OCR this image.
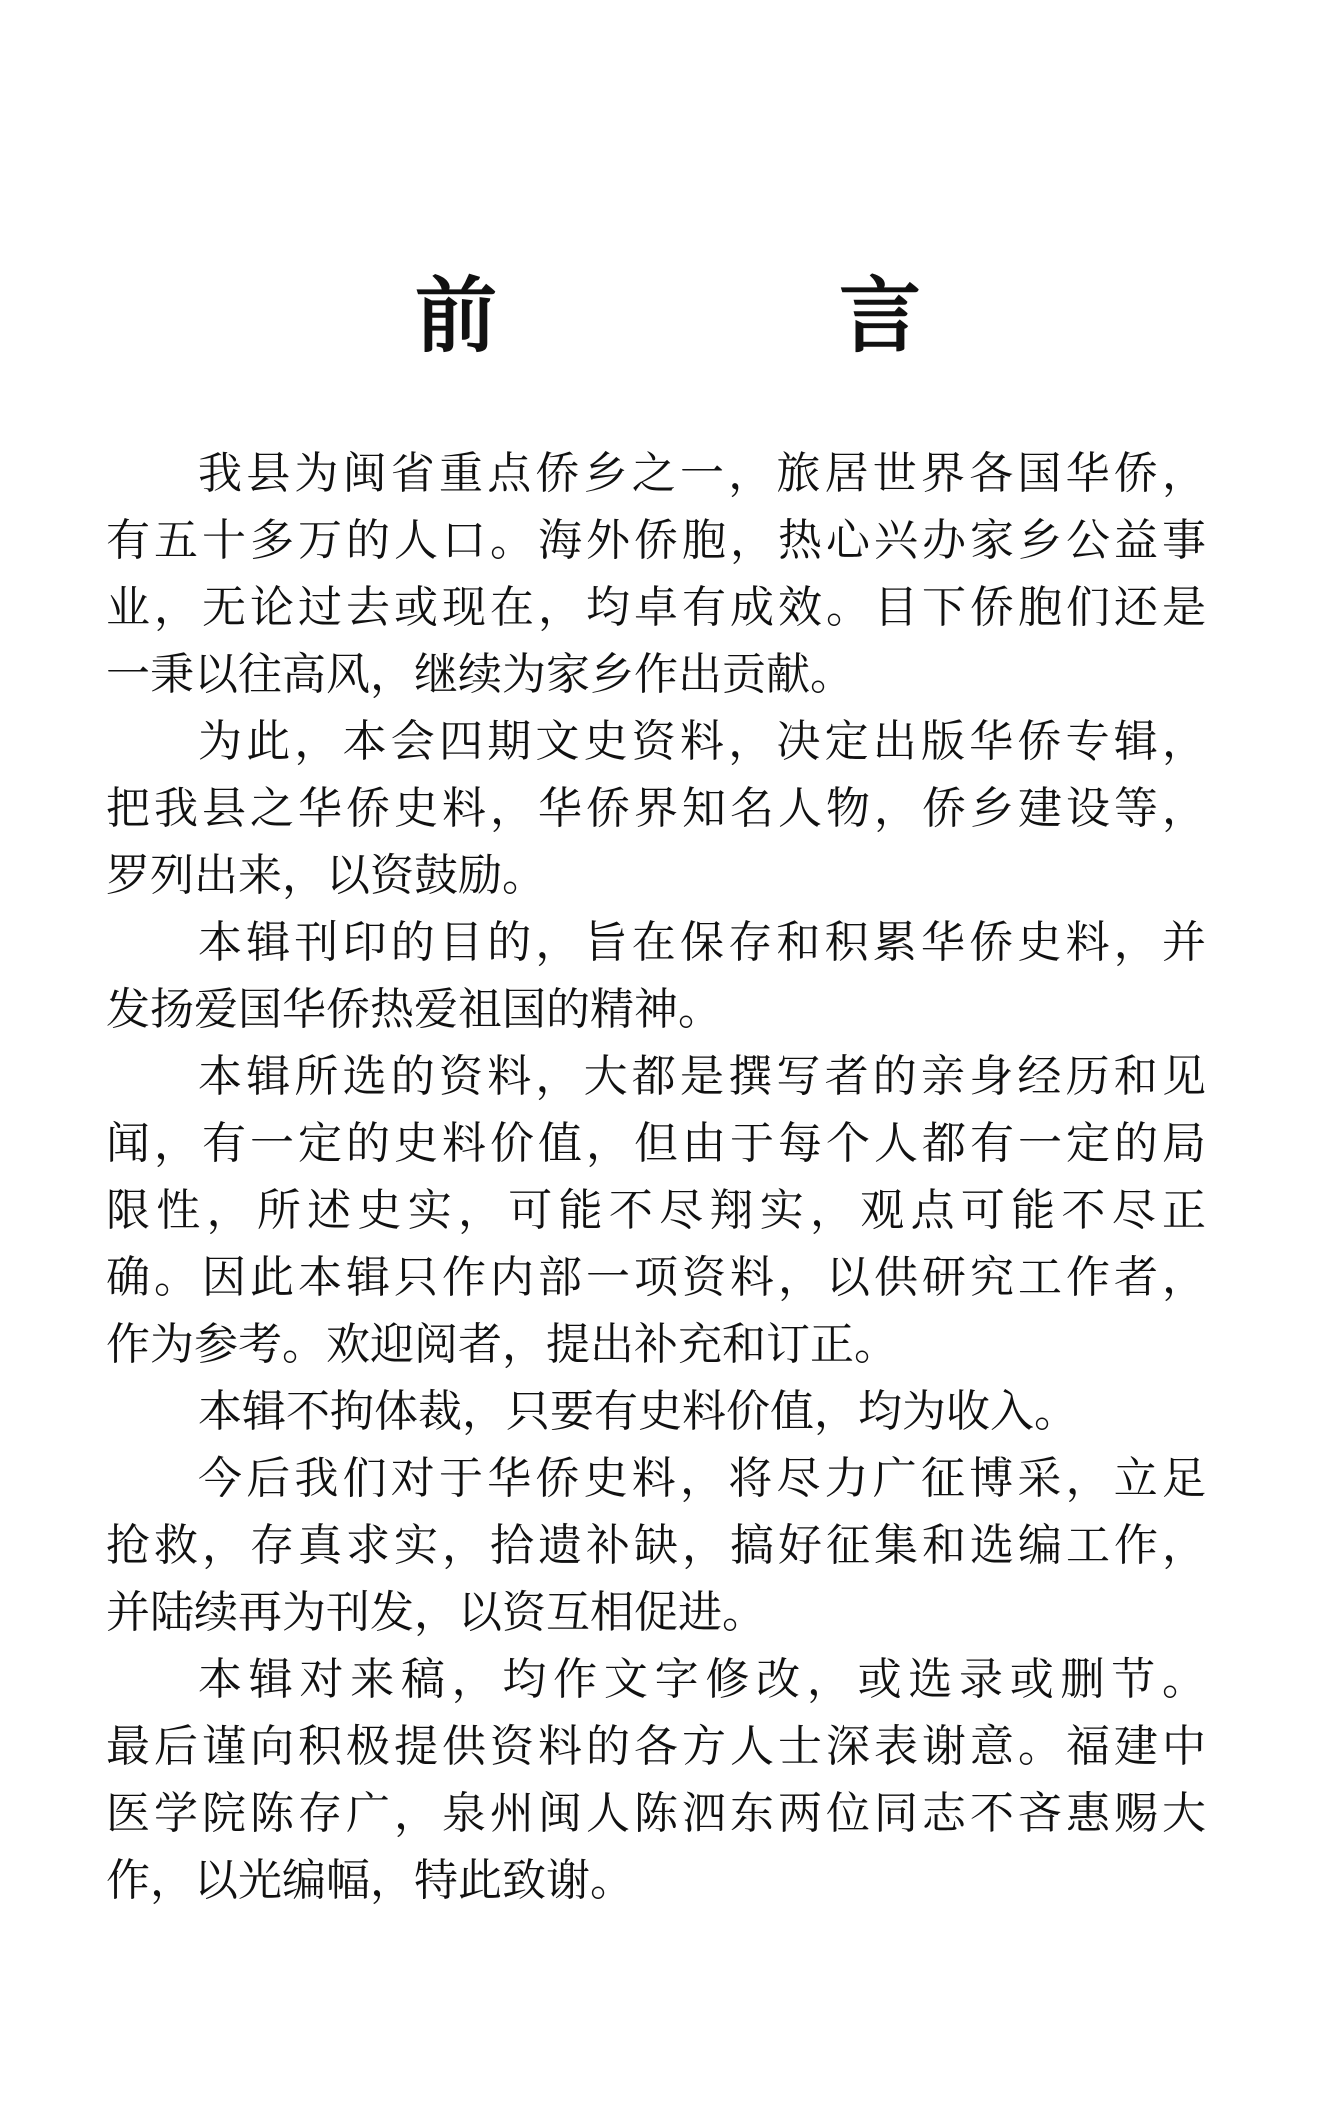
前　言

我县为闽省重点侨乡之一，旅居世界各国华侨，

有五十多万的人口。海外侨胞，热心兴办家乡公益事

业，无论过去或现在，均卓有成效。目下侨胞们还是

一秉以往高风，继续为家乡作出贡献。

为此，本会四期文史资料，决定出版华侨专辑，

把我县之华侨史料，华侨界知名人物，侨乡建设等，

罗列出来，以资鼓励。

本辑刊印的目的，旨在保存和积累华侨史料，并

发扬爱国华侨热爱祖国的精神。

本辑所选的资料，大都是撰写者的亲身经历和见

闻，有一定的史料价值，但由于每个人都有一定的局

限性，所述史实，可能不尽翔实，观点可能不尽正

确。因此本辑只作内部一项资料，以供研究工作者，

作为参考。欢迎阅者，提出补充和订正。

本辑不拘体裁，只要有史料价值，均为收入。

今后我们对于华侨史料，将尽力广征博采，立足

抢救，存真求实，拾遗补缺，搞好征集和选编工作，

并陆续再为刊发，以资互相促进。

本辑对来稿，均作文字修改，或选录或删节。

最后谨向积极提供资料的各方人士深表谢意。福建中

医学院陈存广，泉州闽人陈泗东两位同志不吝惠赐大

作，以光编幅，特此致谢。
